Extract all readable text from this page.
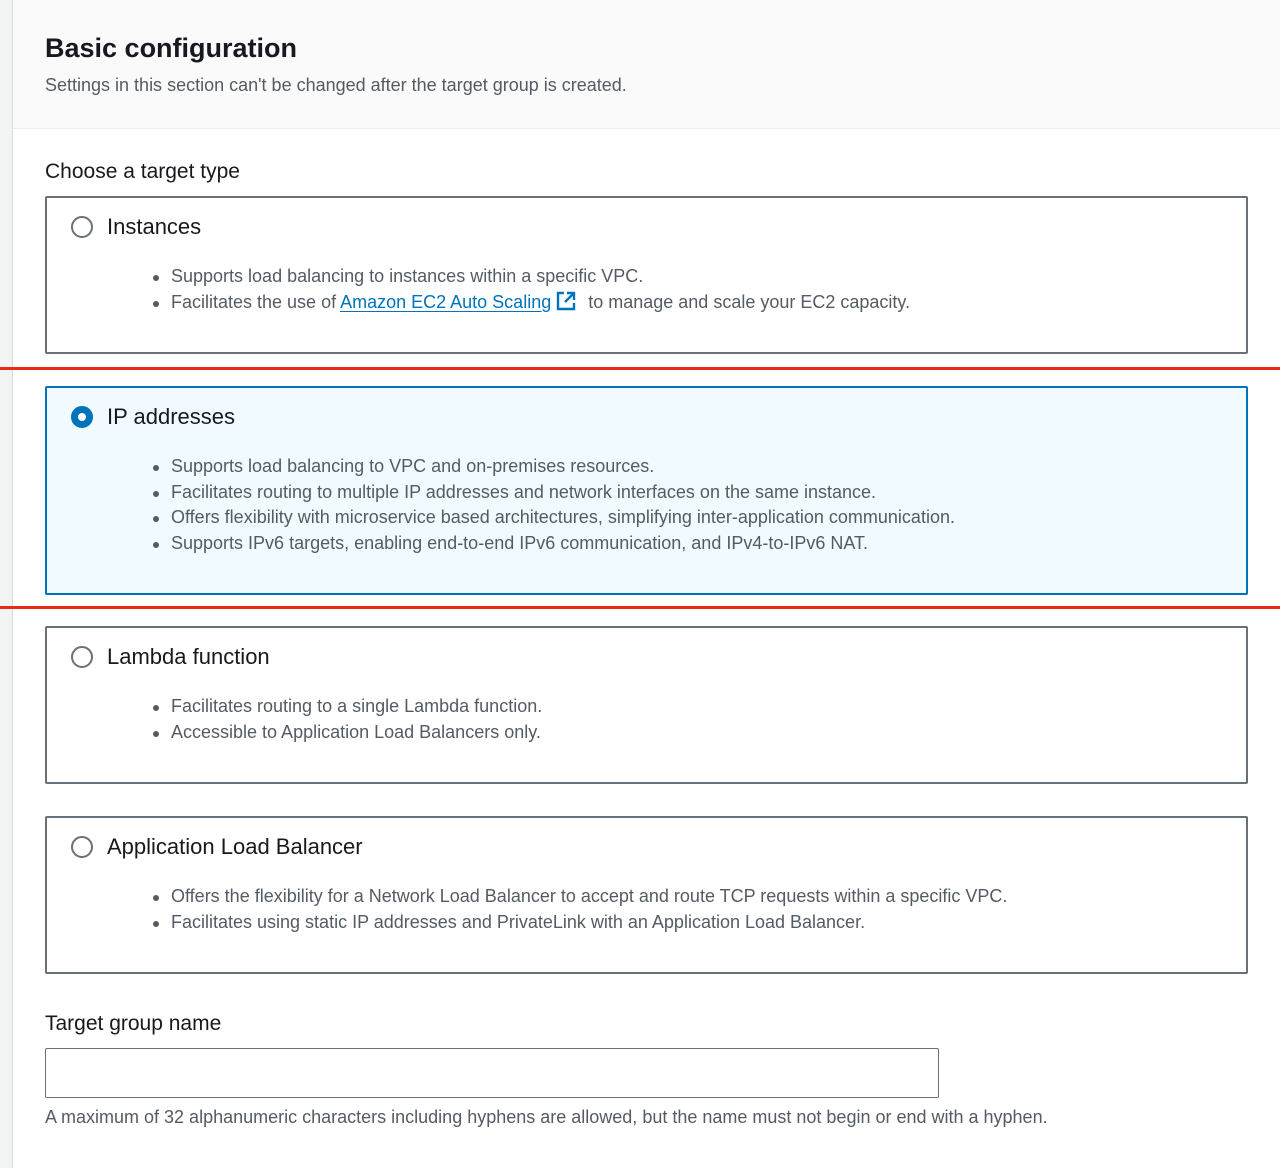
Basic configuration

Settings in this section can't be changed after the target group is created.

Choose a target type
Instances
Supports load balancing to instances within a specific VPC.
Facilitates the use of Amazon EC2 Auto Scaling to manage and scale your EC2 capacity.
IP addresses
Supports load balancing to VPC and on-premises resources.
Facilitates routing to multiple IP addresses and network interfaces on the same instance.
Offers flexibility with microservice based architectures, simplifying inter-application communication.
Supports IPv6 targets, enabling end-to-end IPv6 communication, and IPv4-to-IPv6 NAT.
Lambda function
Facilitates routing to a single Lambda function.
Accessible to Application Load Balancers only.
Application Load Balancer
Offers the flexibility for a Network Load Balancer to accept and route TCP requests within a specific VPC.
Facilitates using static IP addresses and PrivateLink with an Application Load Balancer.
Target group name

A maximum of 32 alphanumeric characters including hyphens are allowed, but the name must not begin or end with a hyphen.
